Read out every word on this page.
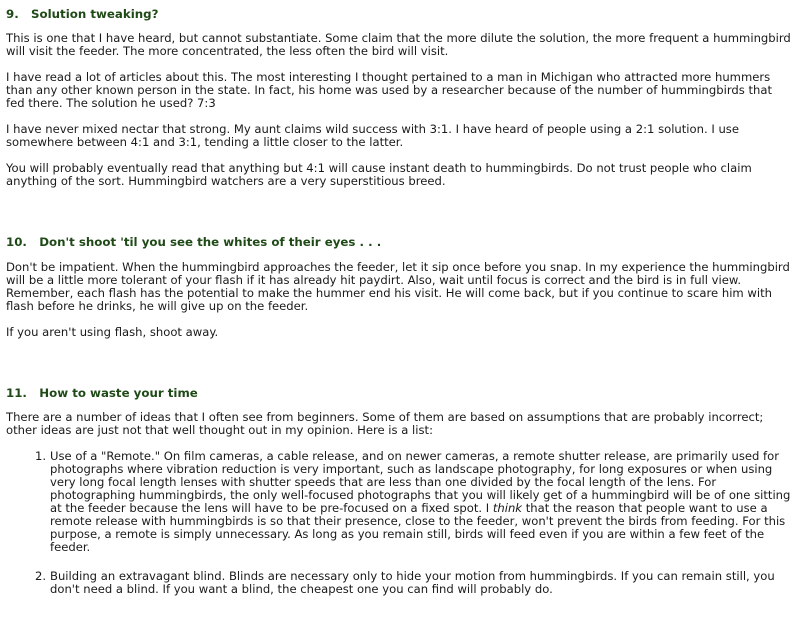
9.   Solution tweaking?

This is one that I have heard, but cannot substantiate. Some claim that the more dilute the solution, the more frequent a hummingbird will visit the feeder. The more concentrated, the less often the bird will visit.

I have read a lot of articles about this. The most interesting I thought pertained to a man in Michigan who attracted more hummers than any other known person in the state. In fact, his home was used by a researcher because of the number of hummingbirds that fed there. The solution he used? 7:3

I have never mixed nectar that strong. My aunt claims wild success with 3:1. I have heard of people using a 2:1 solution. I use somewhere between 4:1 and 3:1, tending a little closer to the latter.

You will probably eventually read that anything but 4:1 will cause instant death to hummingbirds. Do not trust people who claim anything of the sort. Hummingbird watchers are a very superstitious breed.

10.   Don't shoot 'til you see the whites of their eyes . . .

Don't be impatient. When the hummingbird approaches the feeder, let it sip once before you snap. In my experience the hummingbird will be a little more tolerant of your flash if it has already hit paydirt. Also, wait until focus is correct and the bird is in full view. Remember, each flash has the potential to make the hummer end his visit. He will come back, but if you continue to scare him with flash before he drinks, he will give up on the feeder.

If you aren't using flash, shoot away.

11.   How to waste your time

There are a number of ideas that I often see from beginners. Some of them are based on assumptions that are probably incorrect; other ideas are just not that well thought out in my opinion. Here is a list:

1. Use of a "Remote." On film cameras, a cable release, and on newer cameras, a remote shutter release, are primarily used for photographs where vibration reduction is very important, such as landscape photography, for long exposures or when using very long focal length lenses with shutter speeds that are less than one divided by the focal length of the lens. For photographing hummingbirds, the only well-focused photographs that you will likely get of a hummingbird will be of one sitting at the feeder because the lens will have to be pre-focused on a fixed spot. I think that the reason that people want to use a remote release with hummingbirds is so that their presence, close to the feeder, won't prevent the birds from feeding. For this purpose, a remote is simply unnecessary. As long as you remain still, birds will feed even if you are within a few feet of the feeder.
2. Building an extravagant blind. Blinds are necessary only to hide your motion from hummingbirds. If you can remain still, you don't need a blind. If you want a blind, the cheapest one you can find will probably do.
